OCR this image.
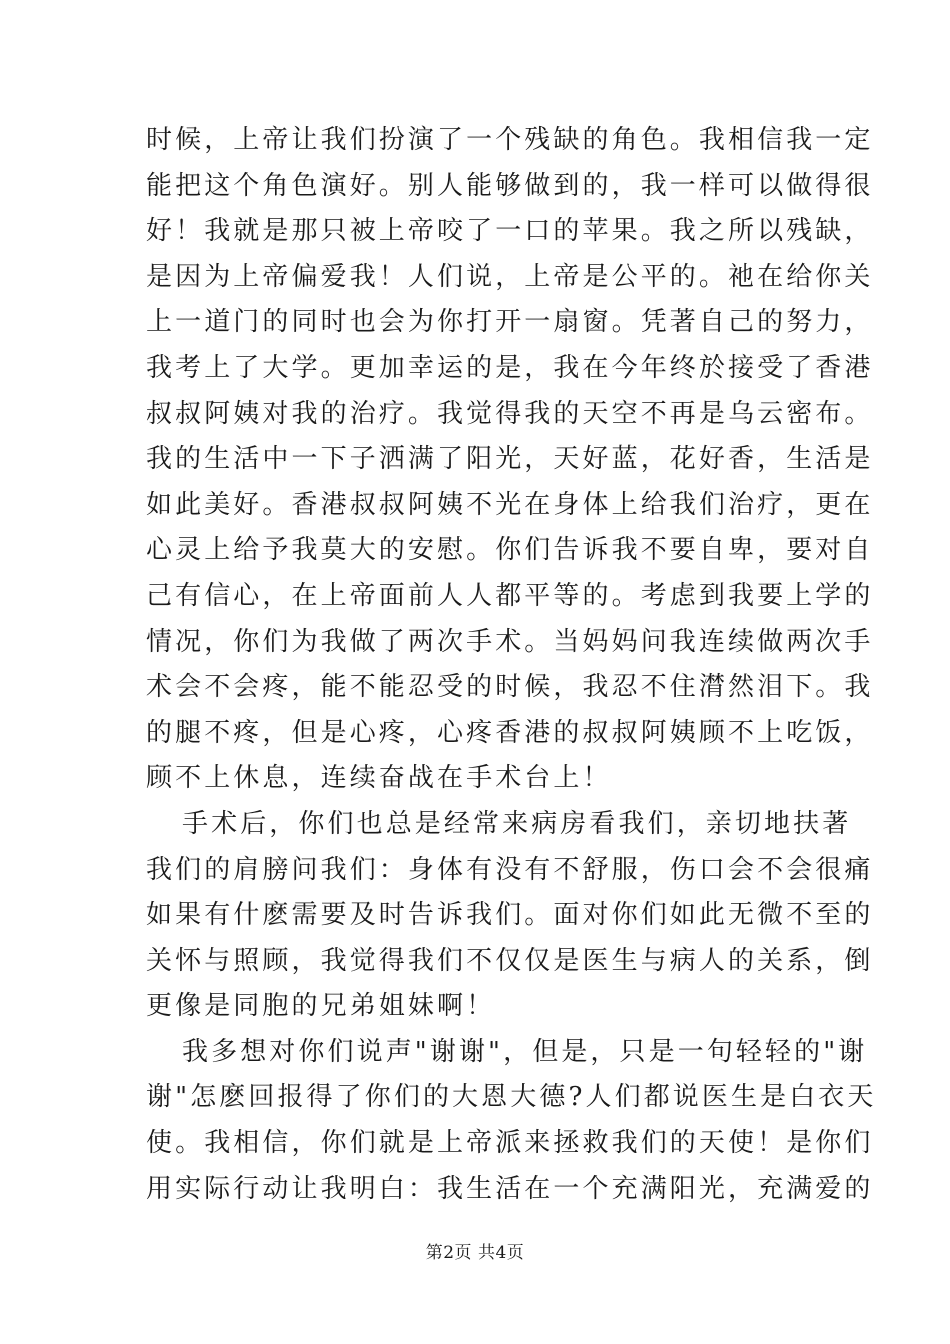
时候，上帝让我们扮演了一个残缺的角色。我相信我一定
能把这个角色演好。别人能够做到的，我一样可以做得很
好！我就是那只被上帝咬了一口的苹果。我之所以残缺，
是因为上帝偏爱我！人们说，上帝是公平的。祂在给你关
上一道门的同时也会为你打开一扇窗。凭著自己的努力，
我考上了大学。更加幸运的是，我在今年终於接受了香港
叔叔阿姨对我的治疗。我觉得我的天空不再是乌云密布。
我的生活中一下子洒满了阳光，天好蓝，花好香，生活是
如此美好。香港叔叔阿姨不光在身体上给我们治疗，更在
心灵上给予我莫大的安慰。你们告诉我不要自卑，要对自
己有信心，在上帝面前人人都平等的。考虑到我要上学的
情况，你们为我做了两次手术。当妈妈问我连续做两次手
术会不会疼，能不能忍受的时候，我忍不住潸然泪下。我
的腿不疼，但是心疼，心疼香港的叔叔阿姨顾不上吃饭，
顾不上休息，连续奋战在手术台上！
手术后，你们也总是经常来病房看我们，亲切地扶著
我们的肩膀问我们：身体有没有不舒服，伤口会不会很痛
如果有什麽需要及时告诉我们。面对你们如此无微不至的
关怀与照顾，我觉得我们不仅仅是医生与病人的关系，倒
更像是同胞的兄弟姐妹啊！
我多想对你们说声"谢谢"，但是，只是一句轻轻的"谢
谢"怎麽回报得了你们的大恩大德?人们都说医生是白衣天
使。我相信，你们就是上帝派来拯救我们的天使！是你们
用实际行动让我明白：我生活在一个充满阳光，充满爱的
第2页 共4页
